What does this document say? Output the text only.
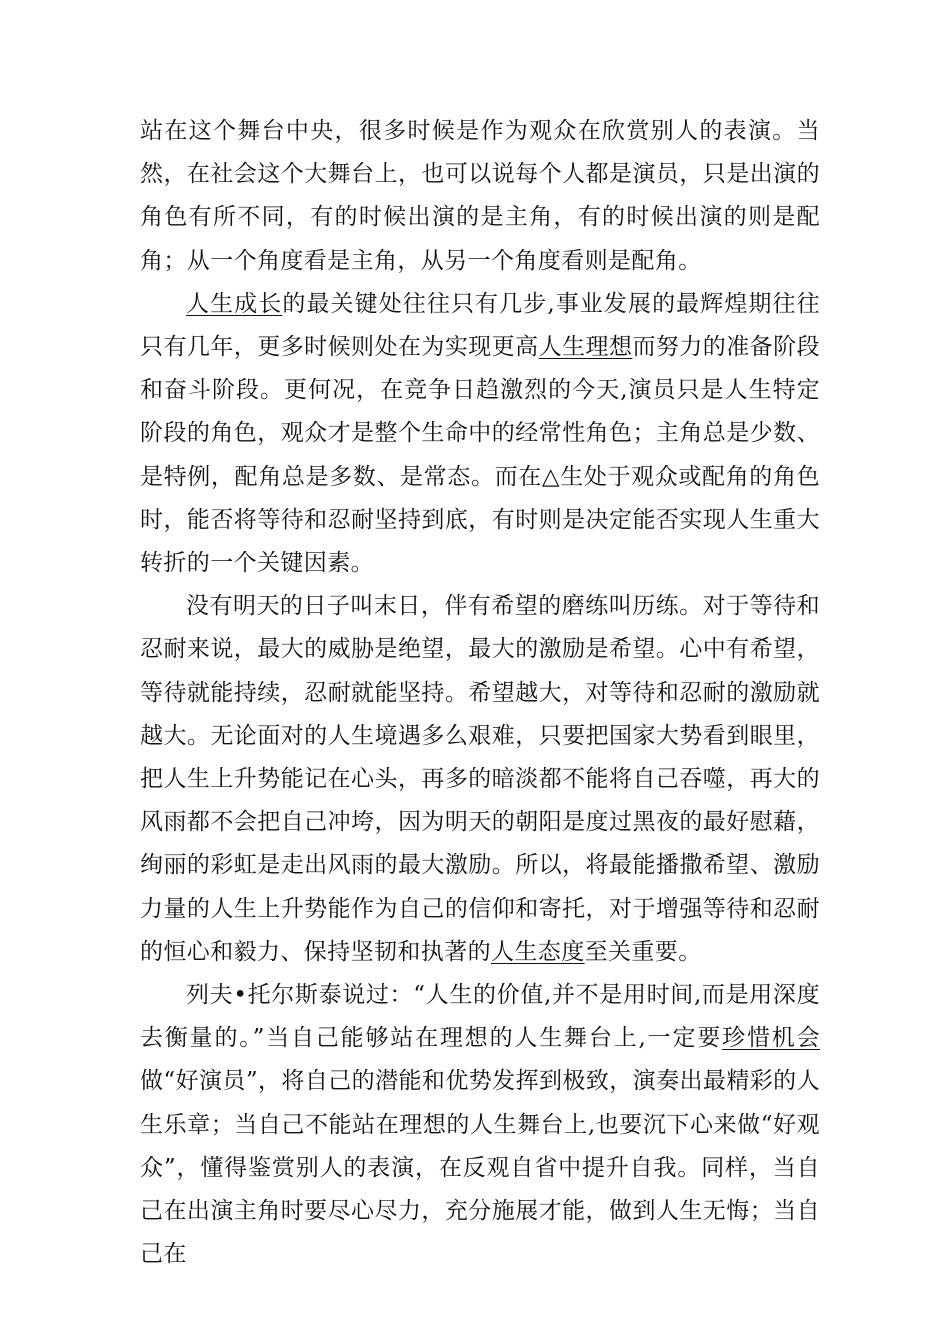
站在这个舞台中央，很多时候是作为观众在欣赏别人的表演。当然，在社会这个大舞台上，也可以说每个人都是演员，只是出演的角色有所不同，有的时候出演的是主角，有的时候出演的则是配角；从一个角度看是主角，从另一个角度看则是配角。

人生成长的最关键处往往只有几步,事业发展的最辉煌期往往只有几年，更多时候则处在为实现更高人生理想而努力的准备阶段和奋斗阶段。更何况，在竞争日趋激烈的今天,演员只是人生特定阶段的角色，观众才是整个生命中的经常性角色；主角总是少数、是特例，配角总是多数、是常态。而在△生处于观众或配角的角色时，能否将等待和忍耐坚持到底，有时则是决定能否实现人生重大转折的一个关键因素。

没有明天的日子叫末日，伴有希望的磨练叫历练。对于等待和忍耐来说，最大的威胁是绝望，最大的激励是希望。心中有希望，等待就能持续，忍耐就能坚持。希望越大，对等待和忍耐的激励就越大。无论面对的人生境遇多么艰难，只要把国家大势看到眼里，把人生上升势能记在心头，再多的暗淡都不能将自己吞噬，再大的风雨都不会把自己冲垮，因为明天的朝阳是度过黑夜的最好慰藉，绚丽的彩虹是走出风雨的最大激励。所以，将最能播撒希望、激励力量的人生上升势能作为自己的信仰和寄托，对于增强等待和忍耐的恒心和毅力、保持坚韧和执著的人生态度至关重要。

列夫•托尔斯泰说过：“人生的价值,并不是用时间,而是用深度去衡量的。”当自己能够站在理想的人生舞台上,一定要珍惜机会做“好演员”，将自己的潜能和优势发挥到极致，演奏出最精彩的人生乐章；当自己不能站在理想的人生舞台上,也要沉下心来做“好观众”，懂得鉴赏别人的表演，在反观自省中提升自我。同样，当自己在出演主角时要尽心尽力，充分施展才能，做到人生无悔；当自己在
